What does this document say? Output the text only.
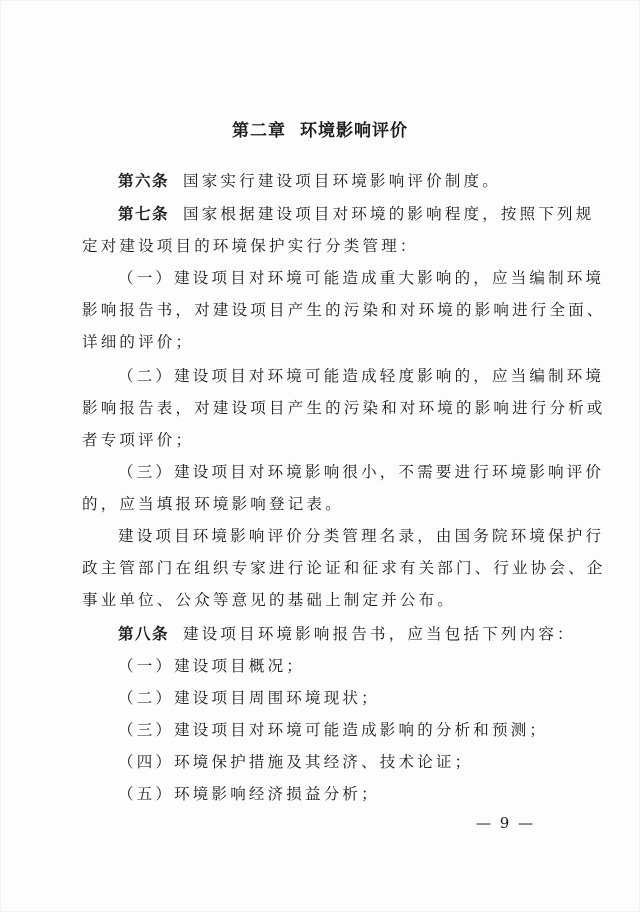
第二章 环境影响评价
第六条 国家实行建设项目环境影响评价制度。
第七条 国家根据建设项目对环境的影响程度，按照下列规
定对建设项目的环境保护实行分类管理：
（一）建设项目对环境可能造成重大影响的，应当编制环境
影响报告书，对建设项目产生的污染和对环境的影响进行全面、
详细的评价；
（二）建设项目对环境可能造成轻度影响的，应当编制环境
影响报告表，对建设项目产生的污染和对环境的影响进行分析或
者专项评价；
（三）建设项目对环境影响很小，不需要进行环境影响评价
的，应当填报环境影响登记表。
建设项目环境影响评价分类管理名录，由国务院环境保护行
政主管部门在组织专家进行论证和征求有关部门、行业协会、企
事业单位、公众等意见的基础上制定并公布。
第八条 建设项目环境影响报告书，应当包括下列内容：
（一）建设项目概况；
（二）建设项目周围环境现状；
（三）建设项目对环境可能造成影响的分析和预测；
（四）环境保护措施及其经济、技术论证；
（五）环境影响经济损益分析；
— 9 —
